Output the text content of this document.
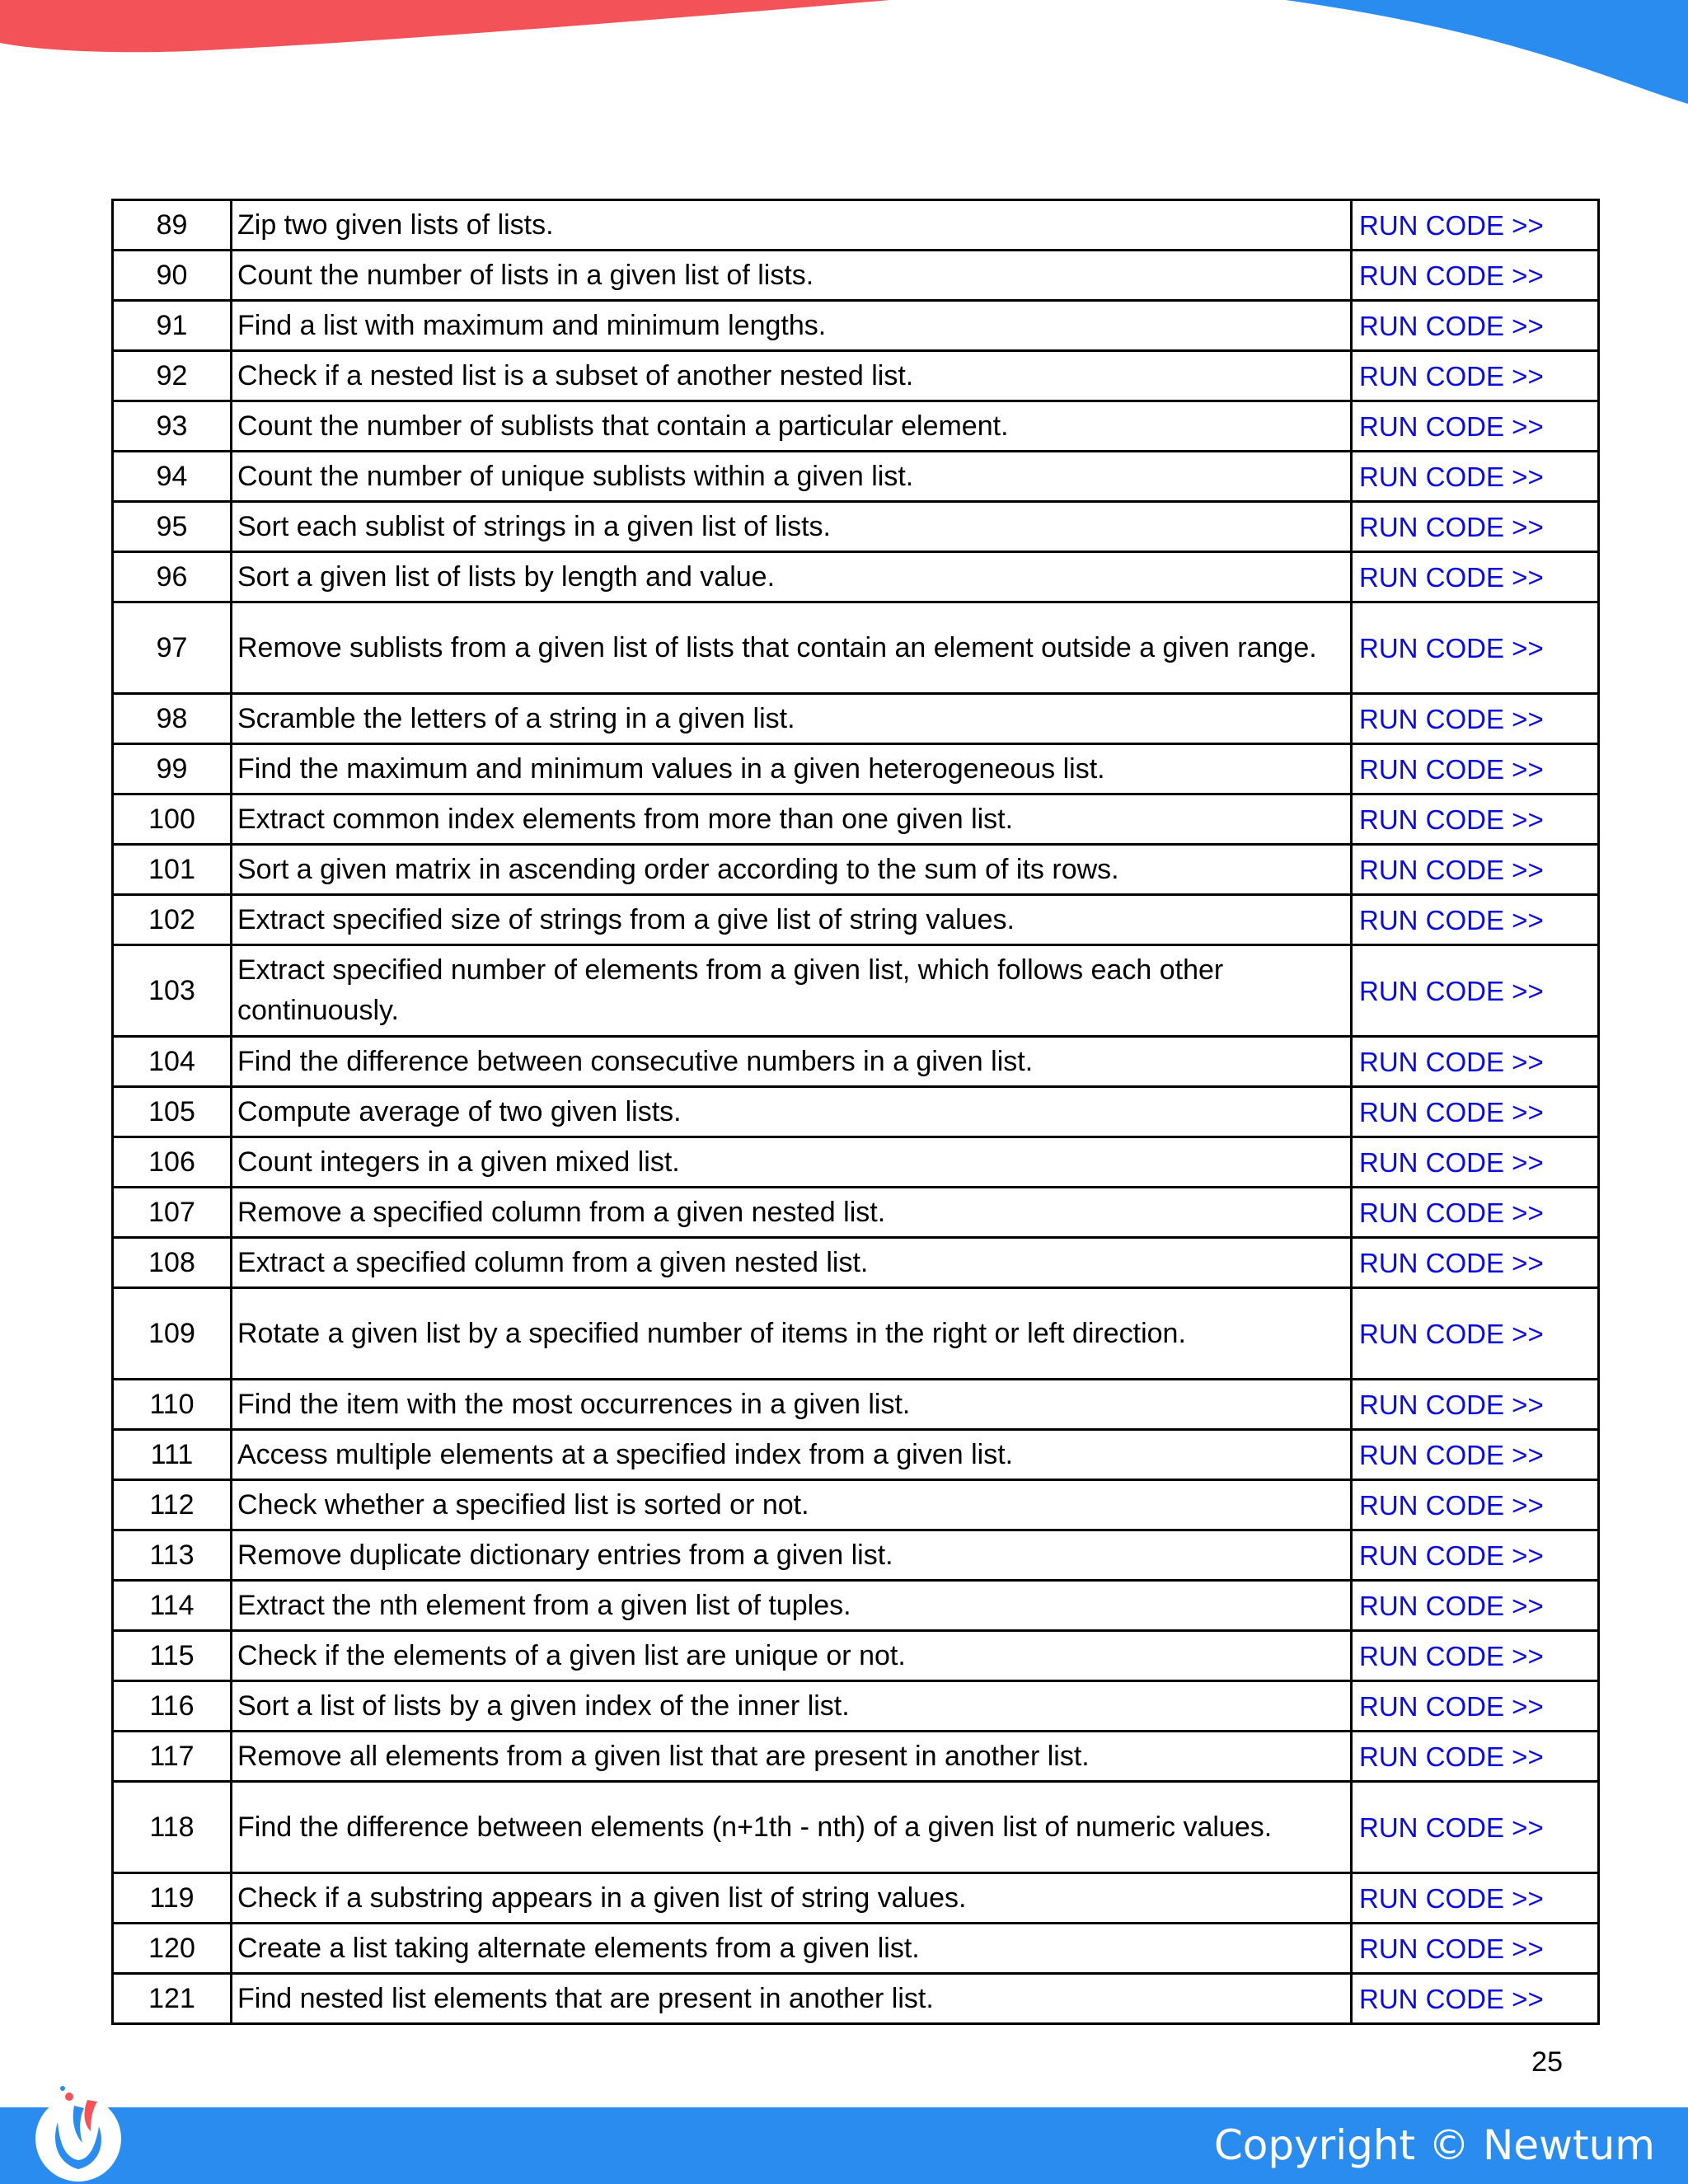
89	Zip two given lists of lists.	RUN CODE >>
90	Count the number of lists in a given list of lists.	RUN CODE >>
91	Find a list with maximum and minimum lengths.	RUN CODE >>
92	Check if a nested list is a subset of another nested list.	RUN CODE >>
93	Count the number of sublists that contain a particular element.	RUN CODE >>
94	Count the number of unique sublists within a given list.	RUN CODE >>
95	Sort each sublist of strings in a given list of lists.	RUN CODE >>
96	Sort a given list of lists by length and value.	RUN CODE >>
97	Remove sublists from a given list of lists that contain an element outside a given range.	RUN CODE >>
98	Scramble the letters of a string in a given list.	RUN CODE >>
99	Find the maximum and minimum values in a given heterogeneous list.	RUN CODE >>
100	Extract common index elements from more than one given list.	RUN CODE >>
101	Sort a given matrix in ascending order according to the sum of its rows.	RUN CODE >>
102	Extract specified size of strings from a give list of string values.	RUN CODE >>
103	Extract specified number of elements from a given list, which follows each other continuously.	RUN CODE >>
104	Find the difference between consecutive numbers in a given list.	RUN CODE >>
105	Compute average of two given lists.	RUN CODE >>
106	Count integers in a given mixed list.	RUN CODE >>
107	Remove a specified column from a given nested list.	RUN CODE >>
108	Extract a specified column from a given nested list.	RUN CODE >>
109	Rotate a given list by a specified number of items in the right or left direction.	RUN CODE >>
110	Find the item with the most occurrences in a given list.	RUN CODE >>
111	Access multiple elements at a specified index from a given list.	RUN CODE >>
112	Check whether a specified list is sorted or not.	RUN CODE >>
113	Remove duplicate dictionary entries from a given list.	RUN CODE >>
114	Extract the nth element from a given list of tuples.	RUN CODE >>
115	Check if the elements of a given list are unique or not.	RUN CODE >>
116	Sort a list of lists by a given index of the inner list.	RUN CODE >>
117	Remove all elements from a given list that are present in another list.	RUN CODE >>
118	Find the difference between elements (n+1th - nth) of a given list of numeric values.	RUN CODE >>
119	Check if a substring appears in a given list of string values.	RUN CODE >>
120	Create a list taking alternate elements from a given list.	RUN CODE >>
121	Find nested list elements that are present in another list.	RUN CODE >>
25
Copyright © Newtum
